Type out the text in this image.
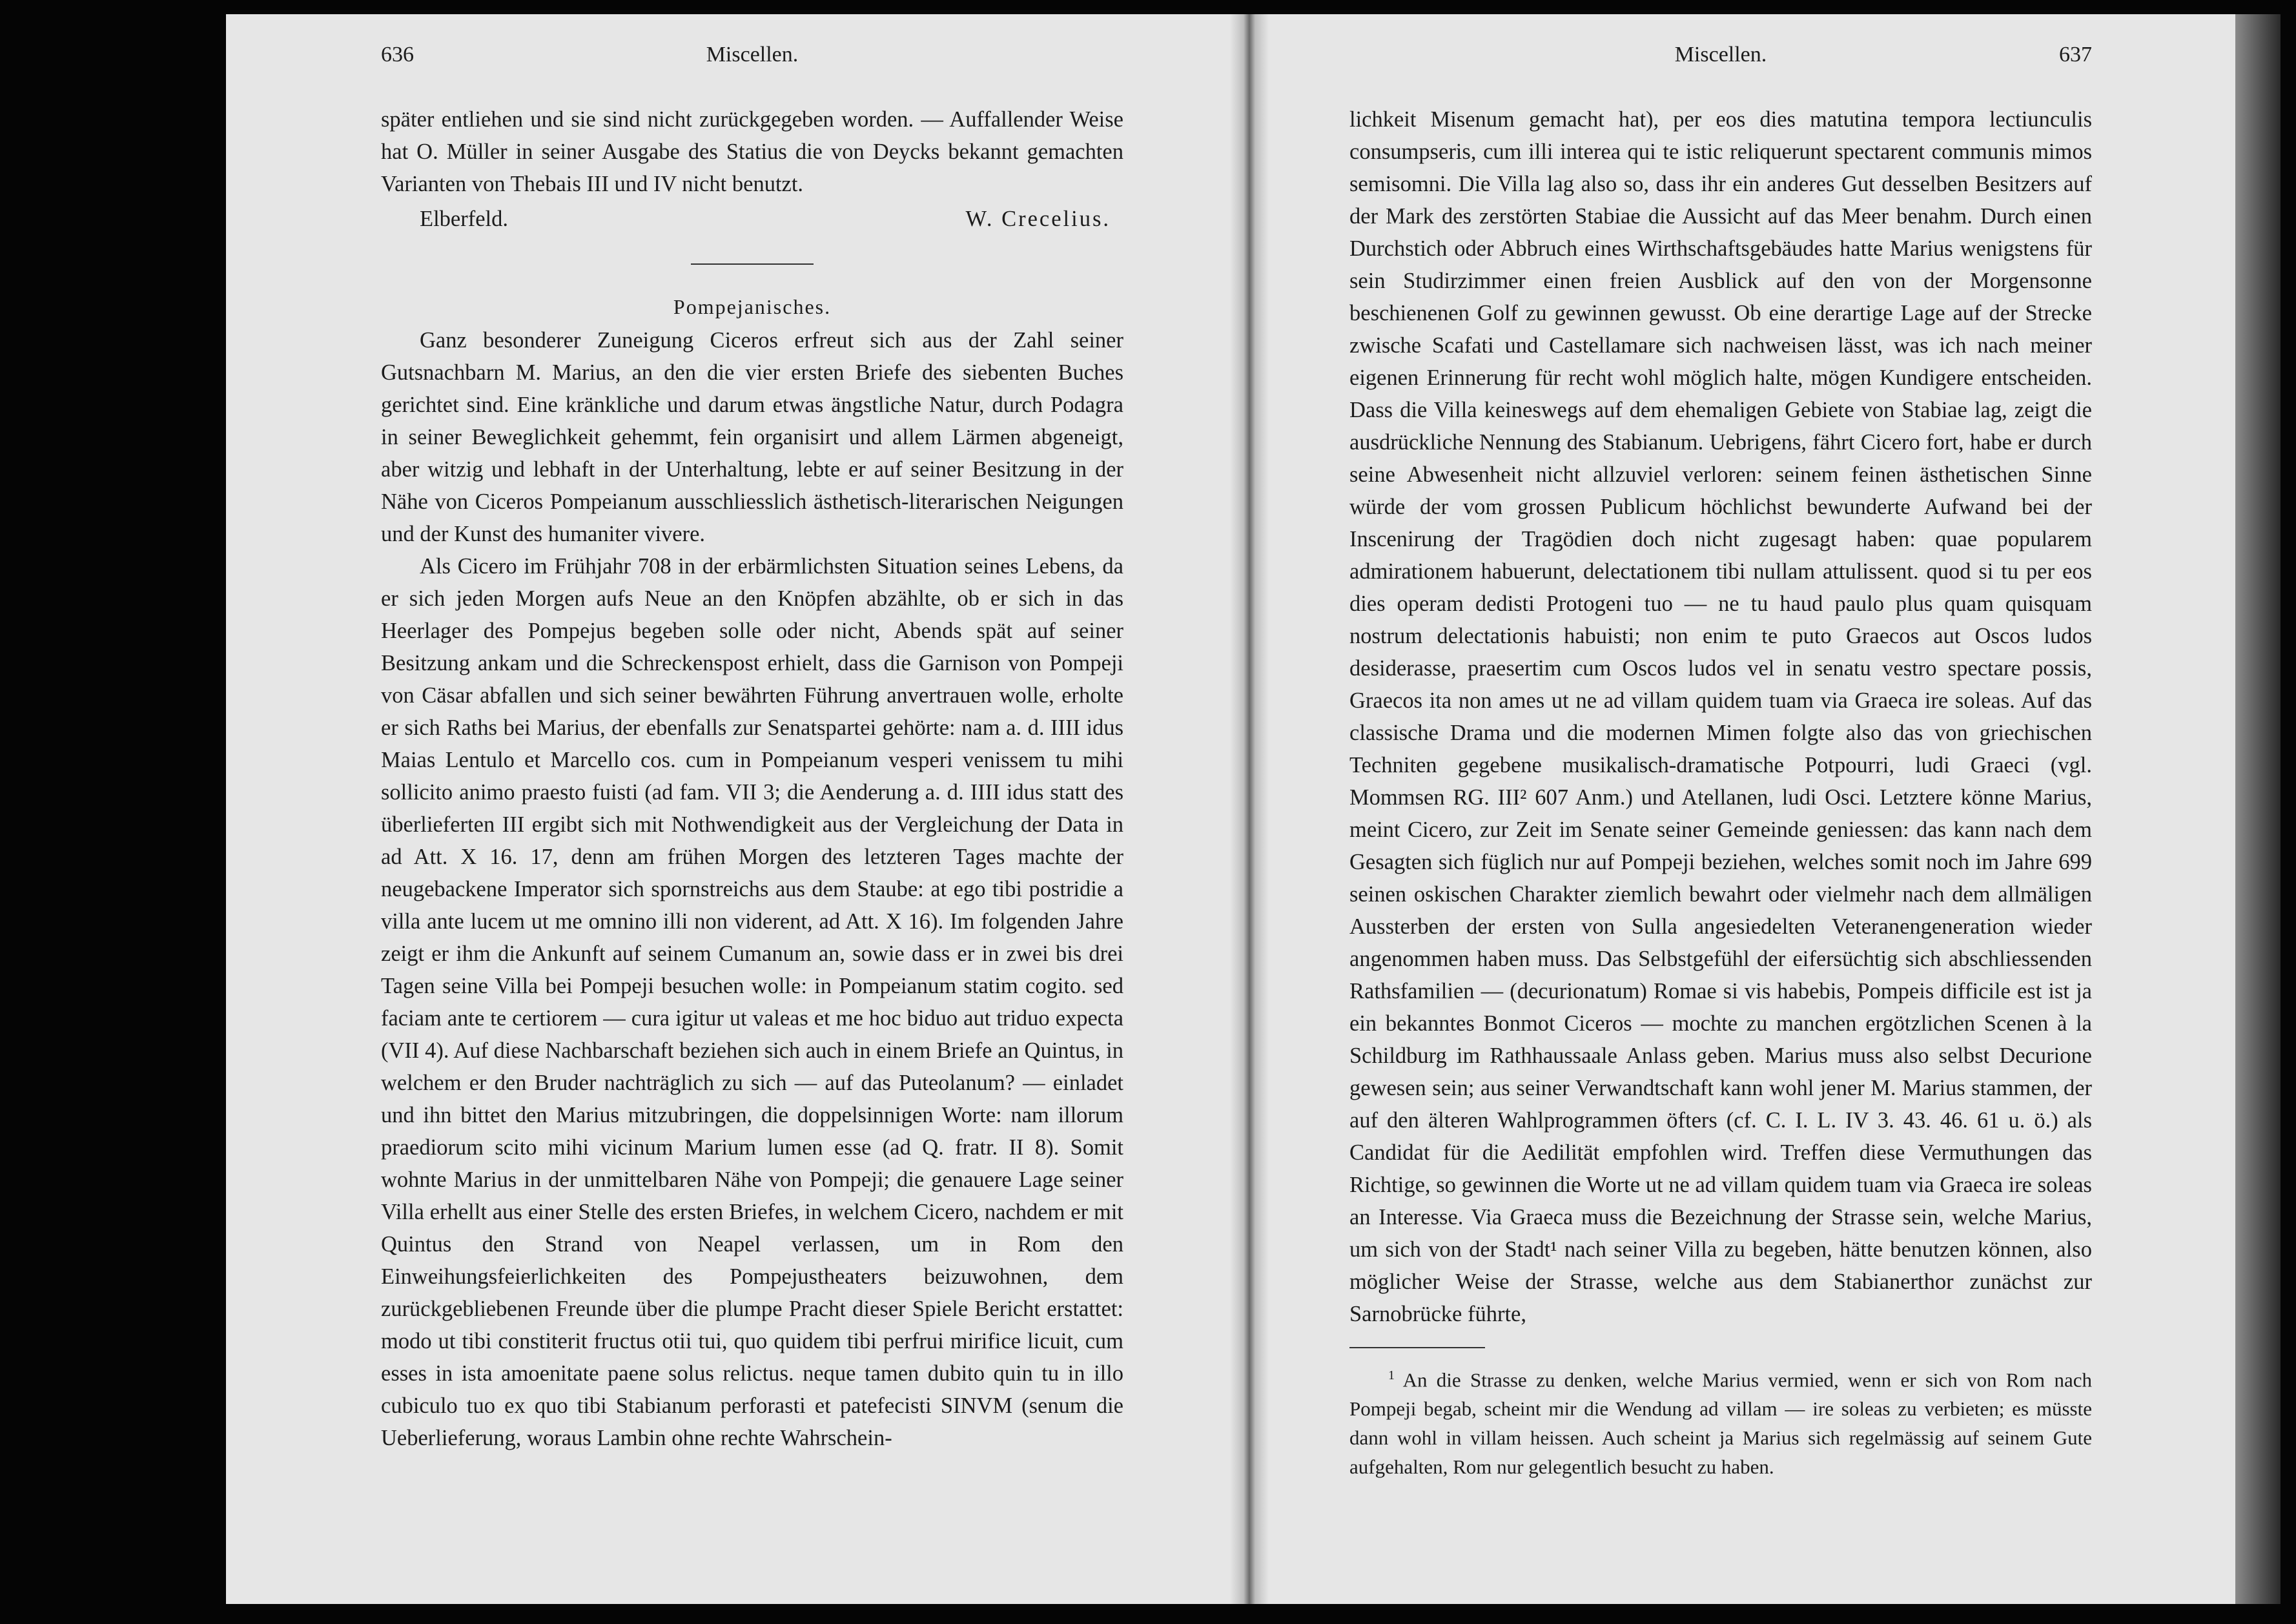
636	Miscellen.

später entliehen und sie sind nicht zurückgegeben worden. — Auffallender Weise hat O. Müller in seiner Ausgabe des Statius die von Deycks bekannt gemachten Varianten von Thebais III und IV nicht benutzt.

Elberfeld.	W. Crecelius.

Pompejanisches.

Ganz besonderer Zuneigung Ciceros erfreut sich aus der Zahl seiner Gutsnachbarn M. Marius, an den die vier ersten Briefe des siebenten Buches gerichtet sind. Eine kränkliche und darum etwas ängstliche Natur, durch Podagra in seiner Beweglichkeit gehemmt, fein organisirt und allem Lärmen abgeneigt, aber witzig und lebhaft in der Unterhaltung, lebte er auf seiner Besitzung in der Nähe von Ciceros Pompeianum ausschliesslich ästhetisch-literarischen Neigungen und der Kunst des humaniter vivere.

Als Cicero im Frühjahr 708 in der erbärmlichsten Situation seines Lebens, da er sich jeden Morgen aufs Neue an den Knöpfen abzählte, ob er sich in das Heerlager des Pompejus begeben solle oder nicht, Abends spät auf seiner Besitzung ankam und die Schreckenspost erhielt, dass die Garnison von Pompeji von Cäsar abfallen und sich seiner bewährten Führung anvertrauen wolle, erholte er sich Raths bei Marius, der ebenfalls zur Senatspartei gehörte: nam a. d. IIII idus Maias Lentulo et Marcello cos. cum in Pompeianum vesperi venissem tu mihi sollicito animo praesto fuisti (ad fam. VII 3; die Aenderung a. d. IIII idus statt des überlieferten III ergibt sich mit Nothwendigkeit aus der Vergleichung der Data in ad Att. X 16. 17, denn am frühen Morgen des letzteren Tages machte der neugebackene Imperator sich spornstreichs aus dem Staube: at ego tibi postridie a villa ante lucem ut me omnino illi non viderent, ad Att. X 16). Im folgenden Jahre zeigt er ihm die Ankunft auf seinem Cumanum an, sowie dass er in zwei bis drei Tagen seine Villa bei Pompeji besuchen wolle: in Pompeianum statim cogito. sed faciam ante te certiorem — cura igitur ut valeas et me hoc biduo aut triduo expecta (VII 4). Auf diese Nachbarschaft beziehen sich auch in einem Briefe an Quintus, in welchem er den Bruder nachträglich zu sich — auf das Puteolanum? — einladet und ihn bittet den Marius mitzubringen, die doppelsinnigen Worte: nam illorum praediorum scito mihi vicinum Marium lumen esse (ad Q. fratr. II 8). Somit wohnte Marius in der unmittelbaren Nähe von Pompeji; die genauere Lage seiner Villa erhellt aus einer Stelle des ersten Briefes, in welchem Cicero, nachdem er mit Quintus den Strand von Neapel verlassen, um in Rom den Einweihungsfeierlichkeiten des Pompejustheaters beizuwohnen, dem zurückgebliebenen Freunde über die plumpe Pracht dieser Spiele Bericht erstattet: modo ut tibi constiterit fructus otii tui, quo quidem tibi perfrui mirifice licuit, cum esses in ista amoenitate paene solus relictus. neque tamen dubito quin tu in illo cubiculo tuo ex quo tibi Stabianum perforasti et patefecisti SINVM (senum die Ueberlieferung, woraus Lambin ohne rechte Wahrschein-

Miscellen.	637

lichkeit Misenum gemacht hat), per eos dies matutina tempora lectiunculis consumpseris, cum illi interea qui te istic reliquerunt spectarent communis mimos semisomni. Die Villa lag also so, dass ihr ein anderes Gut desselben Besitzers auf der Mark des zerstörten Stabiae die Aussicht auf das Meer benahm. Durch einen Durchstich oder Abbruch eines Wirthschaftsgebäudes hatte Marius wenigstens für sein Studirzimmer einen freien Ausblick auf den von der Morgensonne beschienenen Golf zu gewinnen gewusst. Ob eine derartige Lage auf der Strecke zwische Scafati und Castellamare sich nachweisen lässt, was ich nach meiner eigenen Erinnerung für recht wohl möglich halte, mögen Kundigere entscheiden. Dass die Villa keineswegs auf dem ehemaligen Gebiete von Stabiae lag, zeigt die ausdrückliche Nennung des Stabianum. Uebrigens, fährt Cicero fort, habe er durch seine Abwesenheit nicht allzuviel verloren: seinem feinen ästhetischen Sinne würde der vom grossen Publicum höchlichst bewunderte Aufwand bei der Inscenirung der Tragödien doch nicht zugesagt haben: quae popularem admirationem habuerunt, delectationem tibi nullam attulissent. quod si tu per eos dies operam dedisti Protogeni tuo — ne tu haud paulo plus quam quisquam nostrum delectationis habuisti; non enim te puto Graecos aut Oscos ludos desiderasse, praesertim cum Oscos ludos vel in senatu vestro spectare possis, Graecos ita non ames ut ne ad villam quidem tuam via Graeca ire soleas. Auf das classische Drama und die modernen Mimen folgte also das von griechischen Techniten gegebene musikalisch-dramatische Potpourri, ludi Graeci (vgl. Mommsen RG. III² 607 Anm.) und Atellanen, ludi Osci. Letztere könne Marius, meint Cicero, zur Zeit im Senate seiner Gemeinde geniessen: das kann nach dem Gesagten sich füglich nur auf Pompeji beziehen, welches somit noch im Jahre 699 seinen oskischen Charakter ziemlich bewahrt oder vielmehr nach dem allmäligen Aussterben der ersten von Sulla angesiedelten Veteranengeneration wieder angenommen haben muss. Das Selbstgefühl der eifersüchtig sich abschliessenden Rathsfamilien — (decurionatum) Romae si vis habebis, Pompeis difficile est ist ja ein bekanntes Bonmot Ciceros — mochte zu manchen ergötzlichen Scenen à la Schildburg im Rathhaussaale Anlass geben. Marius muss also selbst Decurione gewesen sein; aus seiner Verwandtschaft kann wohl jener M. Marius stammen, der auf den älteren Wahlprogrammen öfters (cf. C. I. L. IV 3. 43. 46. 61 u. ö.) als Candidat für die Aedilität empfohlen wird. Treffen diese Vermuthungen das Richtige, so gewinnen die Worte ut ne ad villam quidem tuam via Graeca ire soleas an Interesse. Via Graeca muss die Bezeichnung der Strasse sein, welche Marius, um sich von der Stadt¹ nach seiner Villa zu begeben, hätte benutzen können, also möglicher Weise der Strasse, welche aus dem Stabianerthor zunächst zur Sarnobrücke führte,

$^1$ An die Strasse zu denken, welche Marius vermied, wenn er sich von Rom nach Pompeji begab, scheint mir die Wendung ad villam — ire soleas zu verbieten; es müsste dann wohl in villam heissen. Auch scheint ja Marius sich regelmässig auf seinem Gute aufgehalten, Rom nur gelegentlich besucht zu haben.
